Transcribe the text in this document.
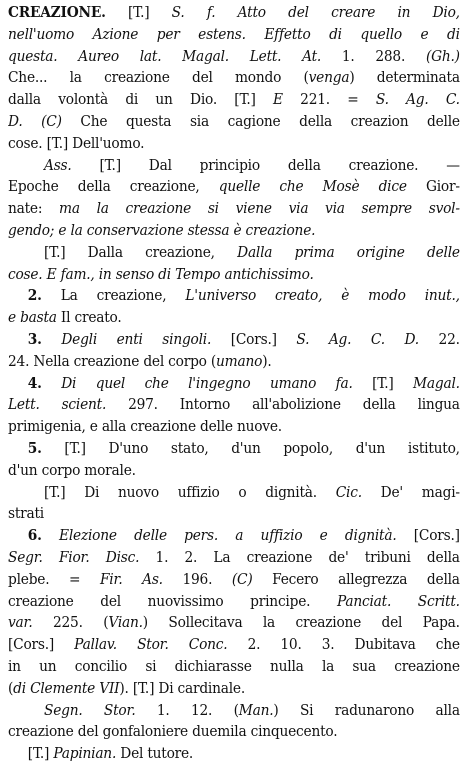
CREAZIONE. [T.] S. f. Atto del creare in Dio,
nell'uomo Azione per estens. Effetto di quello e di
questa. Aureo lat. Magal. Lett. At. 1. 288. (Gh.)
Che... la creazione del mondo (venga) determinata
dalla volontà di un Dio. [T.] E 221. = S. Ag. C.
D. (C) Che questa sia cagione della creazion delle
cose. [T.] Dell'uomo.
Ass. [T.] Dal principio della creazione. —
Epoche della creazione, quelle che Mosè dice Gior-
nate: ma la creazione si viene via via sempre svol-
gendo; e la conservazione stessa è creazione.
[T.] Dalla creazione, Dalla prima origine delle
cose. E fam., in senso di Tempo antichissimo.
2. La creazione, L'universo creato, è modo inut.,
e basta Il creato.
3. Degli enti singoli. [Cors.] S. Ag. C. D. 22.
24. Nella creazione del corpo (umano).
4. Di quel che l'ingegno umano fa. [T.] Magal.
Lett. scient. 297. Intorno all'abolizione della lingua
primigenia, e alla creazione delle nuove.
5. [T.] D'uno stato, d'un popolo, d'un istituto,
d'un corpo morale.
[T.] Di nuovo uffizio o dignità. Cic. De' magi-
strati
6. Elezione delle pers. a uffizio e dignità. [Cors.]
Segr. Fior. Disc. 1. 2. La creazione de' tribuni della
plebe. = Fir. As. 196. (C) Fecero allegrezza della
creazione del nuovissimo principe. Panciat. Scritt.
var. 225. (Vian.) Sollecitava la creazione del Papa.
[Cors.] Pallav. Stor. Conc. 2. 10. 3. Dubitava che
in un concilio si dichiarasse nulla la sua creazione
(di Clemente VII). [T.] Di cardinale.
Segn. Stor. 1. 12. (Man.) Si radunarono alla
creazione del gonfaloniere duemila cinquecento.
[T.] Papinian. Del tutore.
